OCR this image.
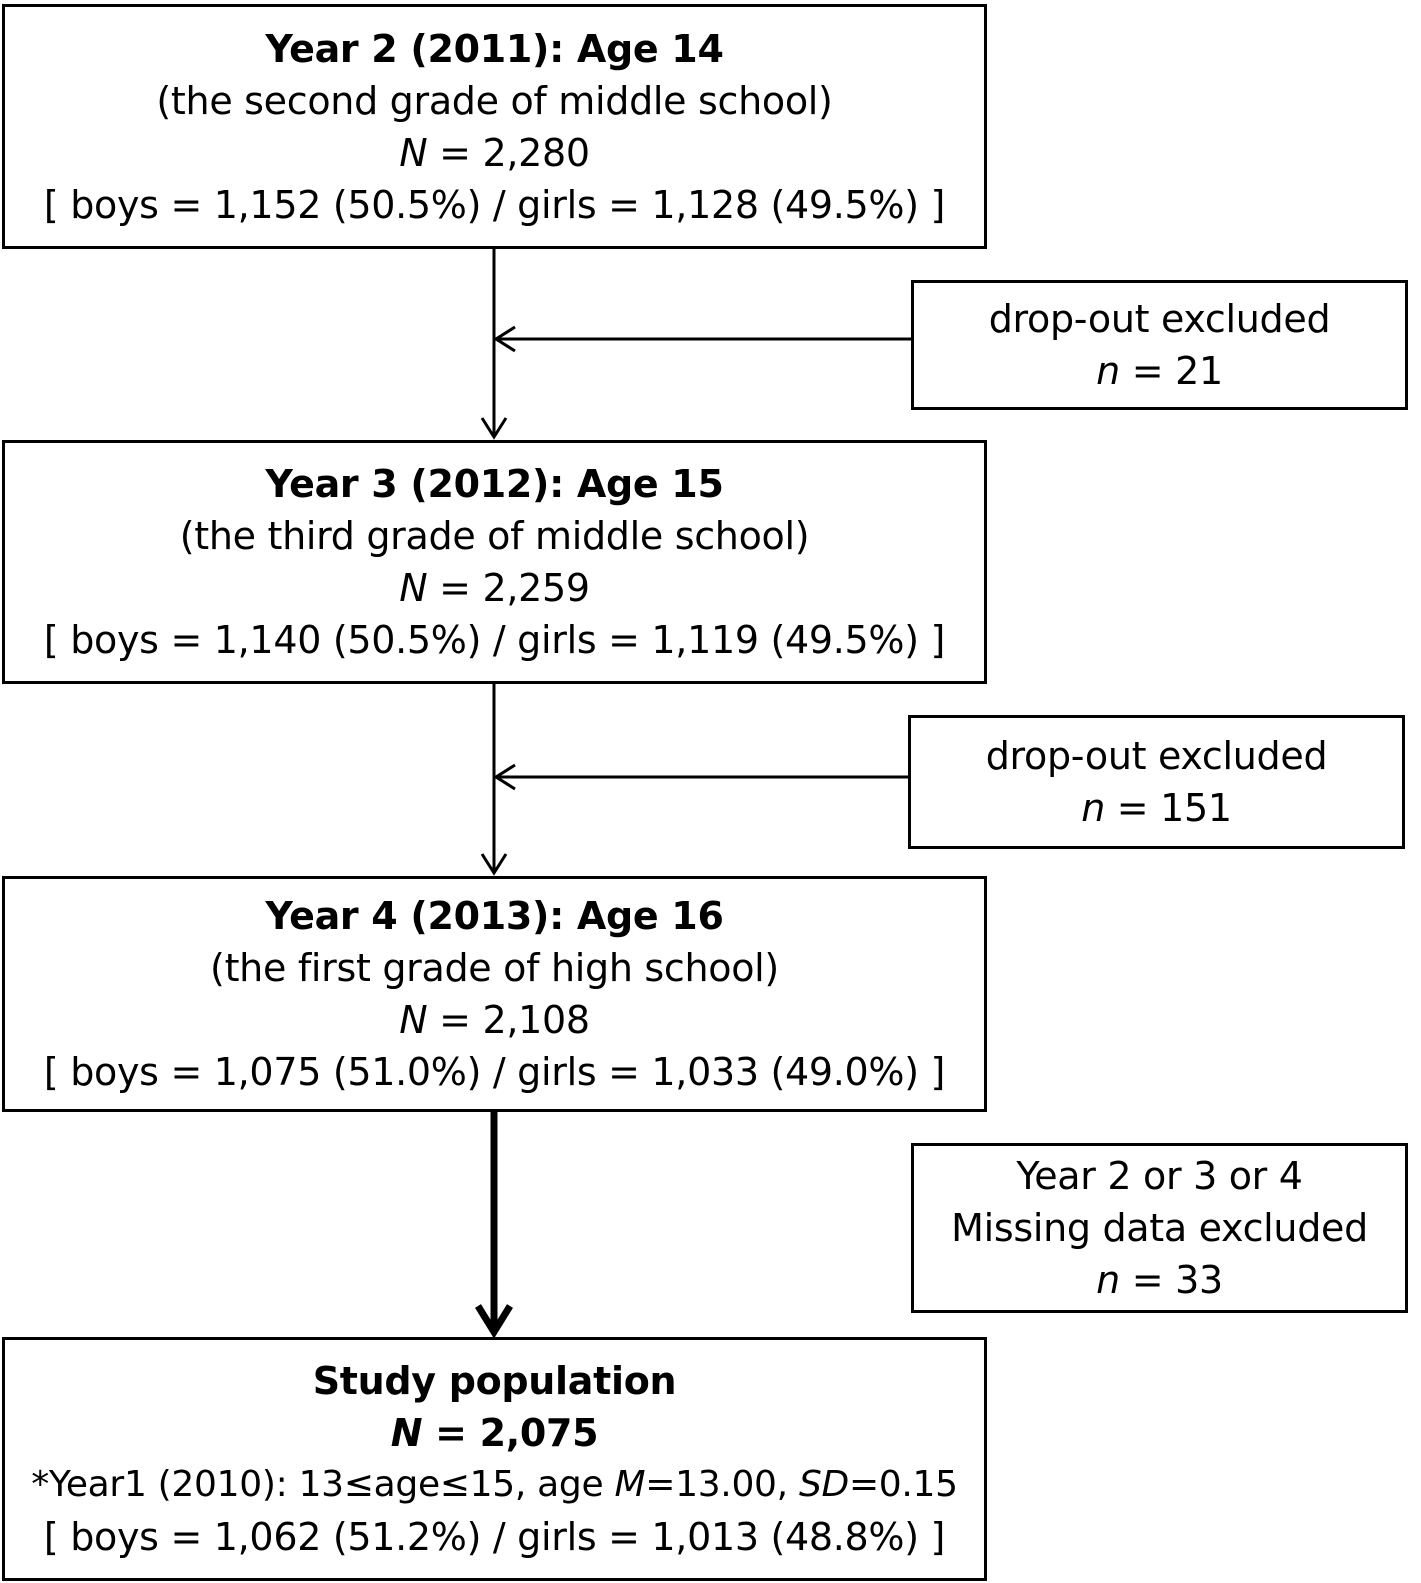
Year 2 (2011): Age 14
(the second grade of middle school)
N = 2,280
[ boys = 1,152 (50.5%) / girls = 1,128 (49.5%) ]
drop-out excluded
n = 21
Year 3 (2012): Age 15
(the third grade of middle school)
N = 2,259
[ boys = 1,140 (50.5%) / girls = 1,119 (49.5%) ]
drop-out excluded
n = 151
Year 4 (2013): Age 16
(the first grade of high school)
N = 2,108
[ boys = 1,075 (51.0%) / girls = 1,033 (49.0%) ]
Year 2 or 3 or 4
Missing data excluded
n = 33
Study population
N = 2,075
*Year1 (2010): 13≤age≤15, age M=13.00, SD=0.15
[ boys = 1,062 (51.2%) / girls = 1,013 (48.8%) ]
